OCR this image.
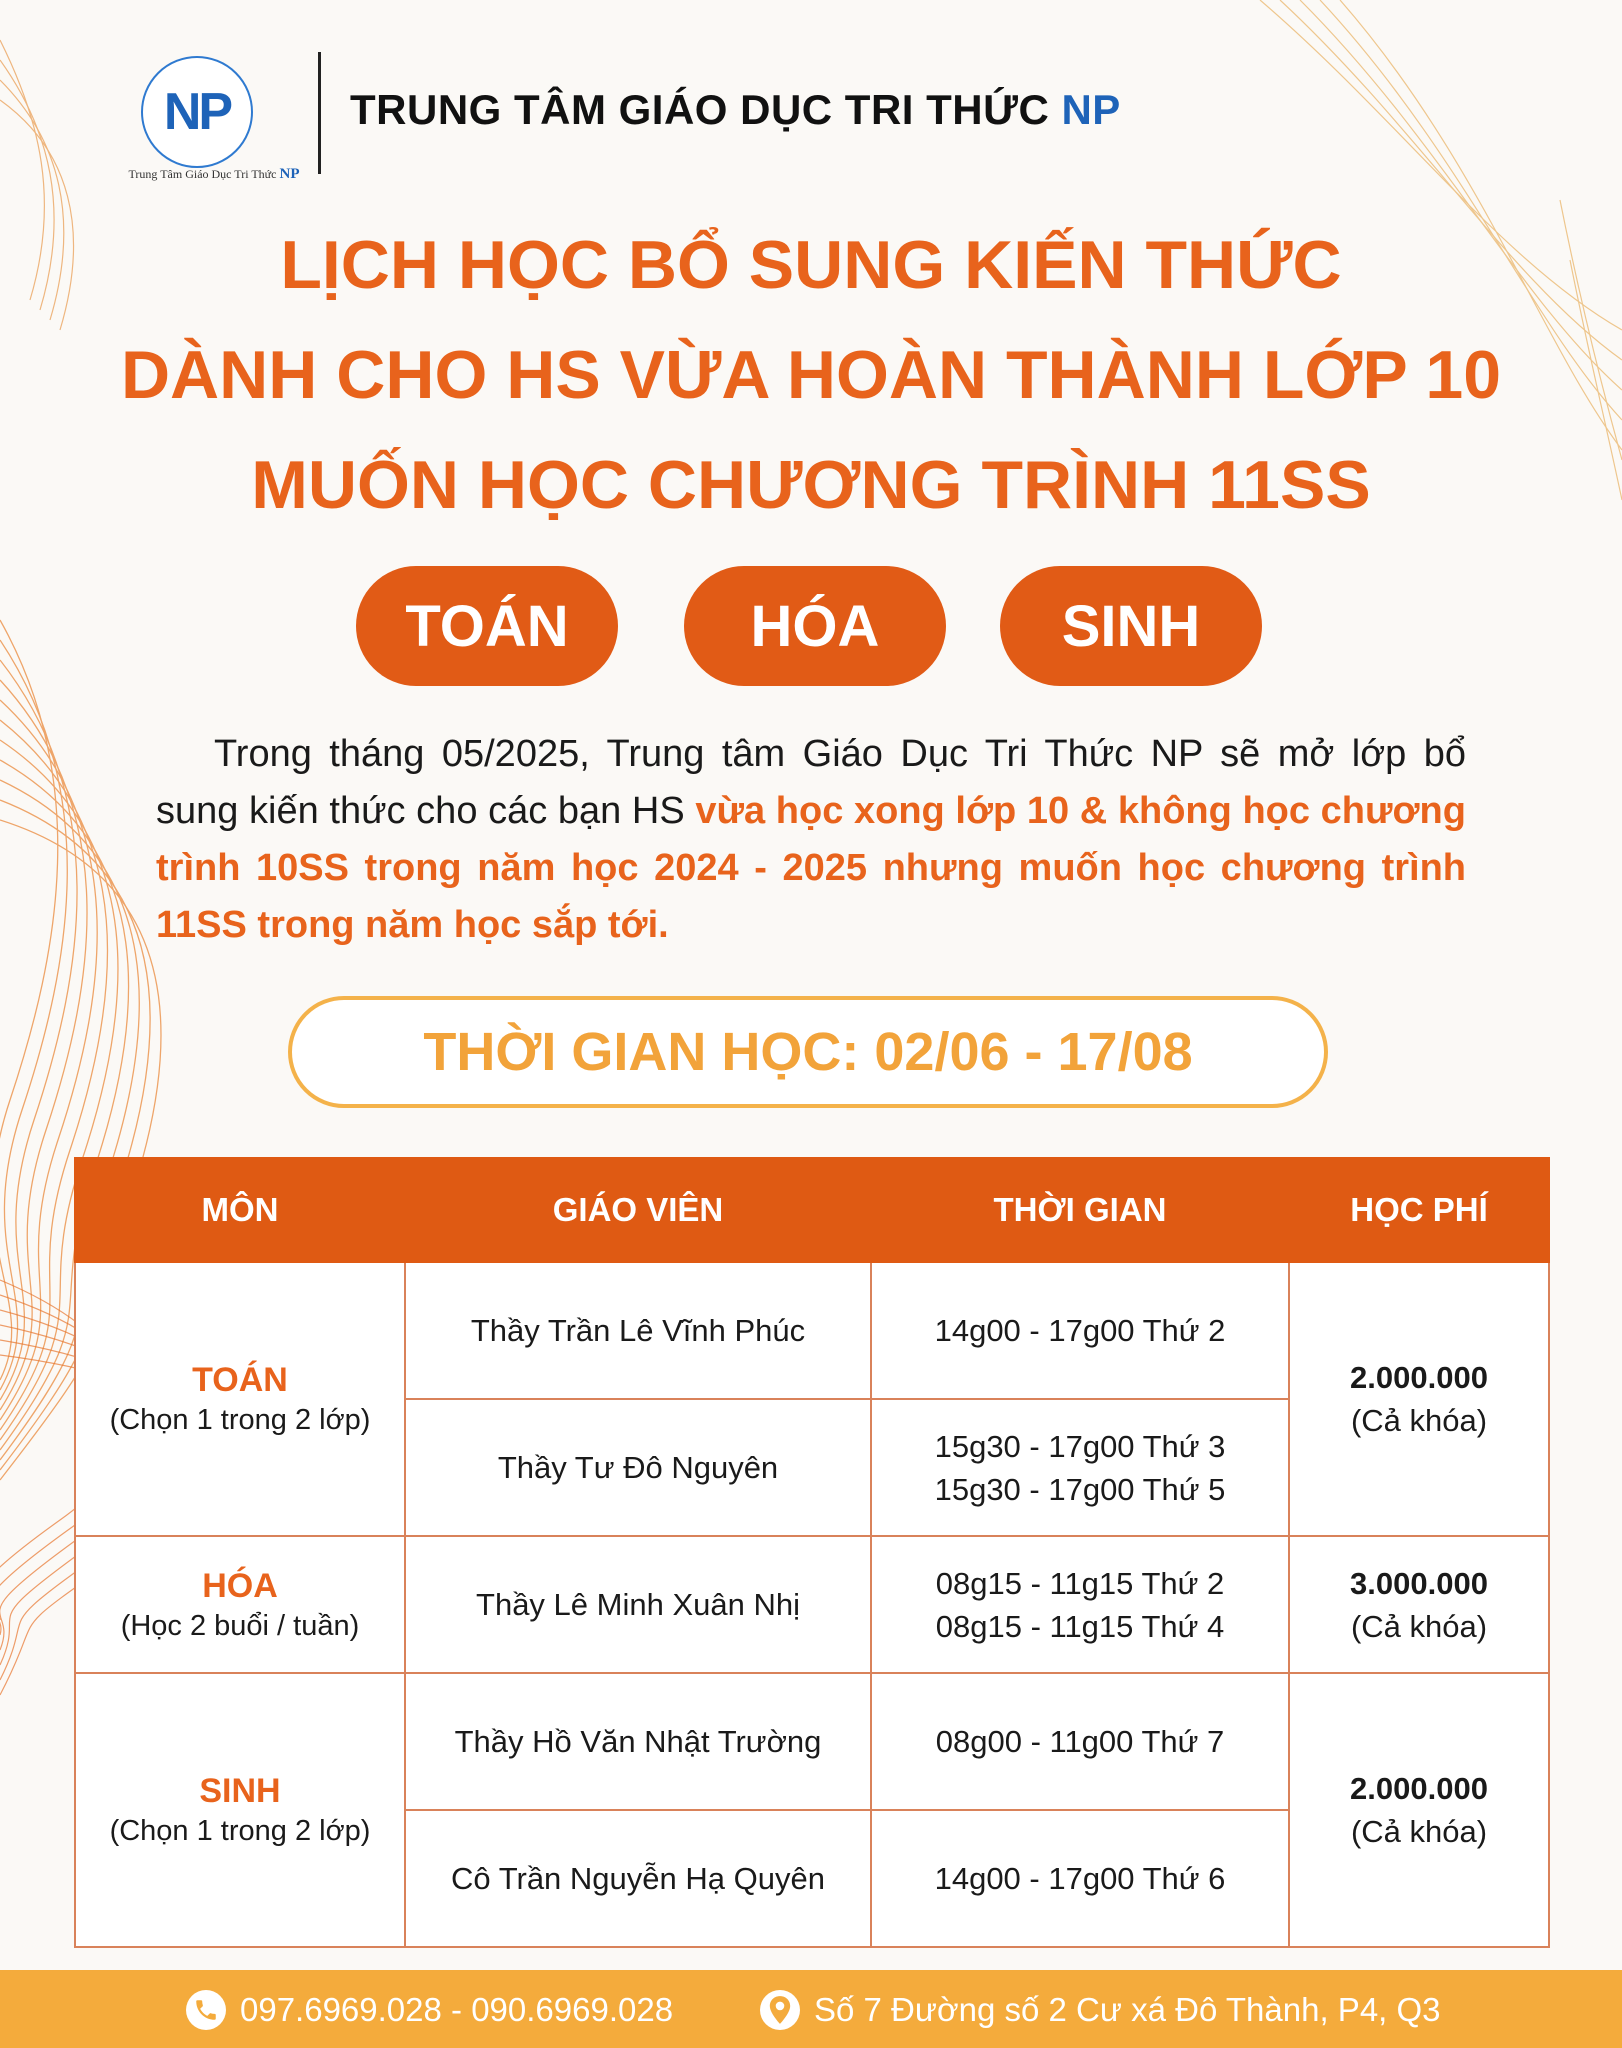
NP
Trung Tâm Giáo Dục Tri Thức NP
TRUNG TÂM GIÁO DỤC TRI THỨC NP
LỊCH HỌC BỔ SUNG KIẾN THỨC
DÀNH CHO HS VỪA HOÀN THÀNH LỚP 10
MUỐN HỌC CHƯƠNG TRÌNH 11SS
TOÁN	HÓA	SINH
Trong tháng 05/2025, Trung tâm Giáo Dục Tri Thức NP sẽ mở lớp bổ sung kiến thức cho các bạn HS vừa học xong lớp 10 & không học chương trình 10SS trong năm học 2024 - 2025 nhưng muốn học chương trình 11SS trong năm học sắp tới.
THỜI GIAN HỌC: 02/06 - 17/08
MÔN	GIÁO VIÊN	THỜI GIAN	HỌC PHÍ

TOÁN
(Chọn 1 trong 2 lớp)	Thầy Trần Lê Vĩnh Phúc	14g00 - 17g00 Thứ 2	2.000.000
(Cả khóa)

	Thầy Tư Đô Nguyên	15g30 - 17g00 Thứ 3
15g30 - 17g00 Thứ 5	

HÓA
(Học 2 buổi / tuần)	Thầy Lê Minh Xuân Nhị	08g15 - 11g15 Thứ 2
08g15 - 11g15 Thứ 4	3.000.000
(Cả khóa)

SINH
(Chọn 1 trong 2 lớp)	Thầy Hồ Văn Nhật Trường	08g00 - 11g00 Thứ 7	2.000.000
(Cả khóa)

	Cô Trần Nguyễn Hạ Quyên	14g00 - 17g00 Thứ 6	
097.6969.028 - 090.6969.028	Số 7 Đường số 2 Cư xá Đô Thành, P4, Q3
